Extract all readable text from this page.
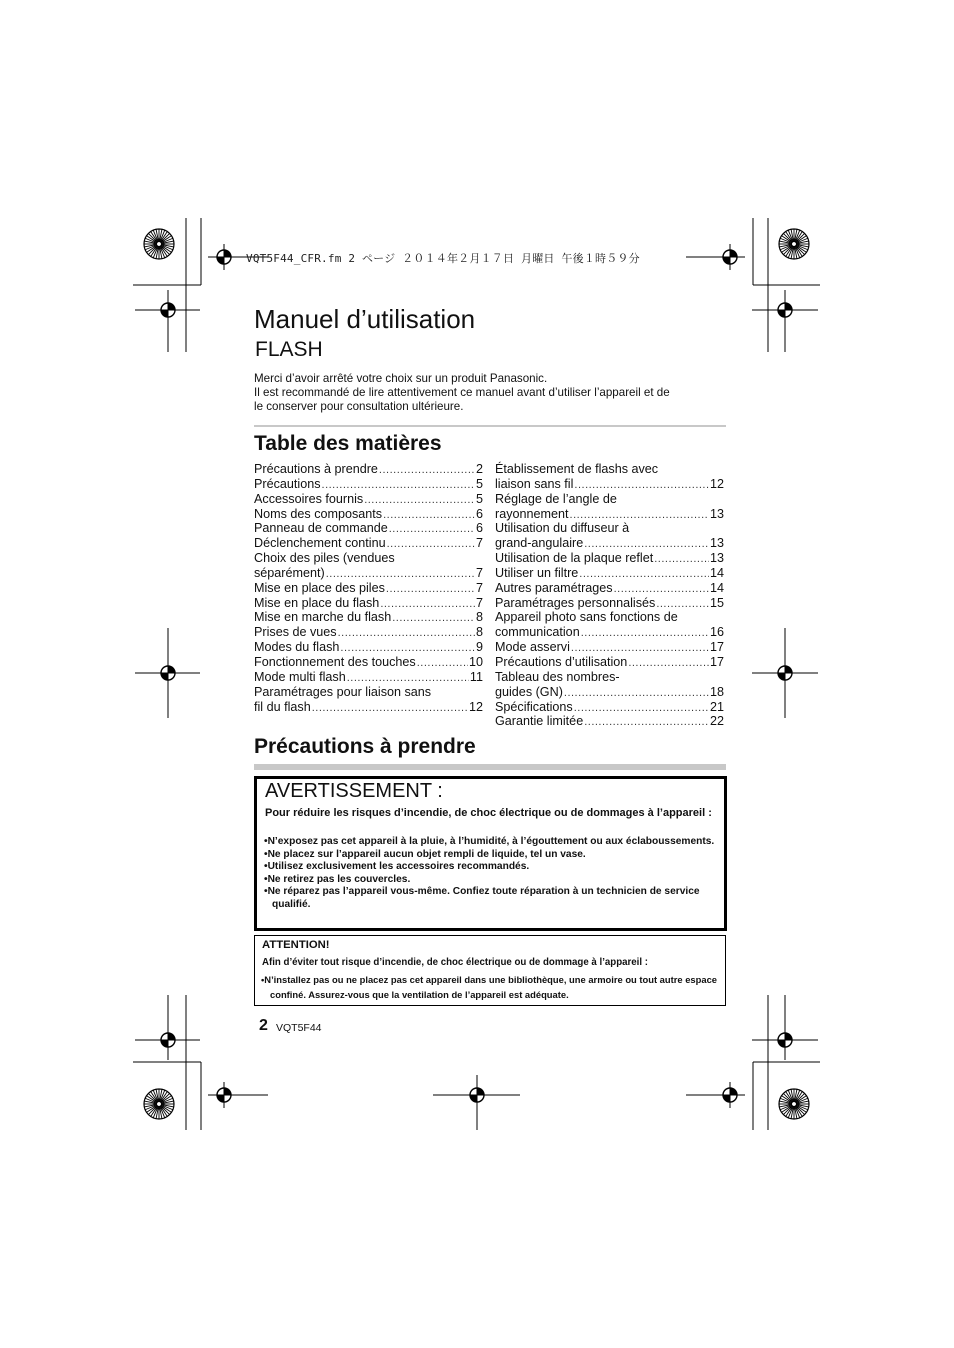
VQT5F44_CFR.fm 2 ページ ２０１４年２月１７日 月曜日 午後１時５９分
Manuel d’utilisation
FLASH
Merci d’avoir arrêté votre choix sur un produit Panasonic.
Il est recommandé de lire attentivement ce manuel avant d’utiliser l’appareil et de
le conserver pour consultation ultérieure.
Table des matières
Précautions à prendre .....	2
Précautions .....	5
Accessoires fournis .....	5
Noms des composants .....	6
Panneau de commande .....	6
Déclenchement continu .....	7
Choix des piles (vendues
séparément) .....	7
Mise en place des piles .....	7
Mise en place du flash .....	7
Mise en marche du flash .....	8
Prises de vues .....	8
Modes du flash .....	9
Fonctionnement des touches .....	10
Mode multi flash .....	11
Paramétrages pour liaison sans
fil du flash .....	12
Établissement de flashs avec
liaison sans fil .....	12
Réglage de l’angle de
rayonnement .....	13
Utilisation du diffuseur à
grand-angulaire .....	13
Utilisation de la plaque reflet .....	13
Utiliser un filtre .....	14
Autres paramétrages .....	14
Paramétrages personnalisés .....	15
Appareil photo sans fonctions de
communication .....	16
Mode asservi .....	17
Précautions d’utilisation .....	17
Tableau des nombres-
guides (GN) .....	18
Spécifications .....	21
Garantie limitée .....	22
Précautions à prendre
AVERTISSEMENT :
Pour réduire les risques d’incendie, de choc électrique ou de dommages à l’appareil :
• N’exposez pas cet appareil à la pluie, à l’humidité, à l’égouttement ou aux éclaboussements.
• Ne placez sur l’appareil aucun objet rempli de liquide, tel un vase.
• Utilisez exclusivement les accessoires recommandés.
• Ne retirez pas les couvercles.
• Ne réparez pas l’appareil vous-même. Confiez toute réparation à un technicien de service qualifié.
ATTENTION!
Afin d’éviter tout risque d’incendie, de choc électrique ou de dommage à l’appareil :
• N’installez pas ou ne placez pas cet appareil dans une bibliothèque, une armoire ou tout autre espace confiné. Assurez-vous que la ventilation de l’appareil est adéquate.
2 VQT5F44
